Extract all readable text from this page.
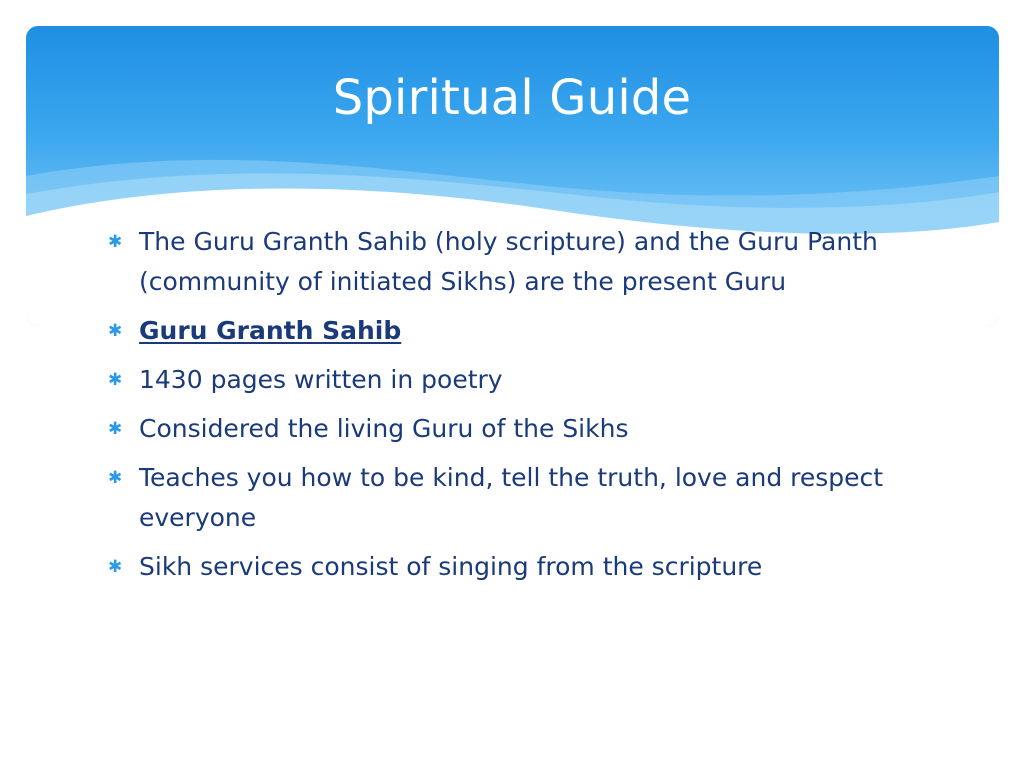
Spiritual Guide
✱ The Guru Granth Sahib (holy scripture) and the Guru Panth (community of initiated Sikhs) are the present Guru
✱ Guru Granth Sahib
✱ 1430 pages written in poetry
✱ Considered the living Guru of the Sikhs
✱ Teaches you how to be kind, tell the truth, love and respect everyone
✱ Sikh services consist of singing from the scripture
